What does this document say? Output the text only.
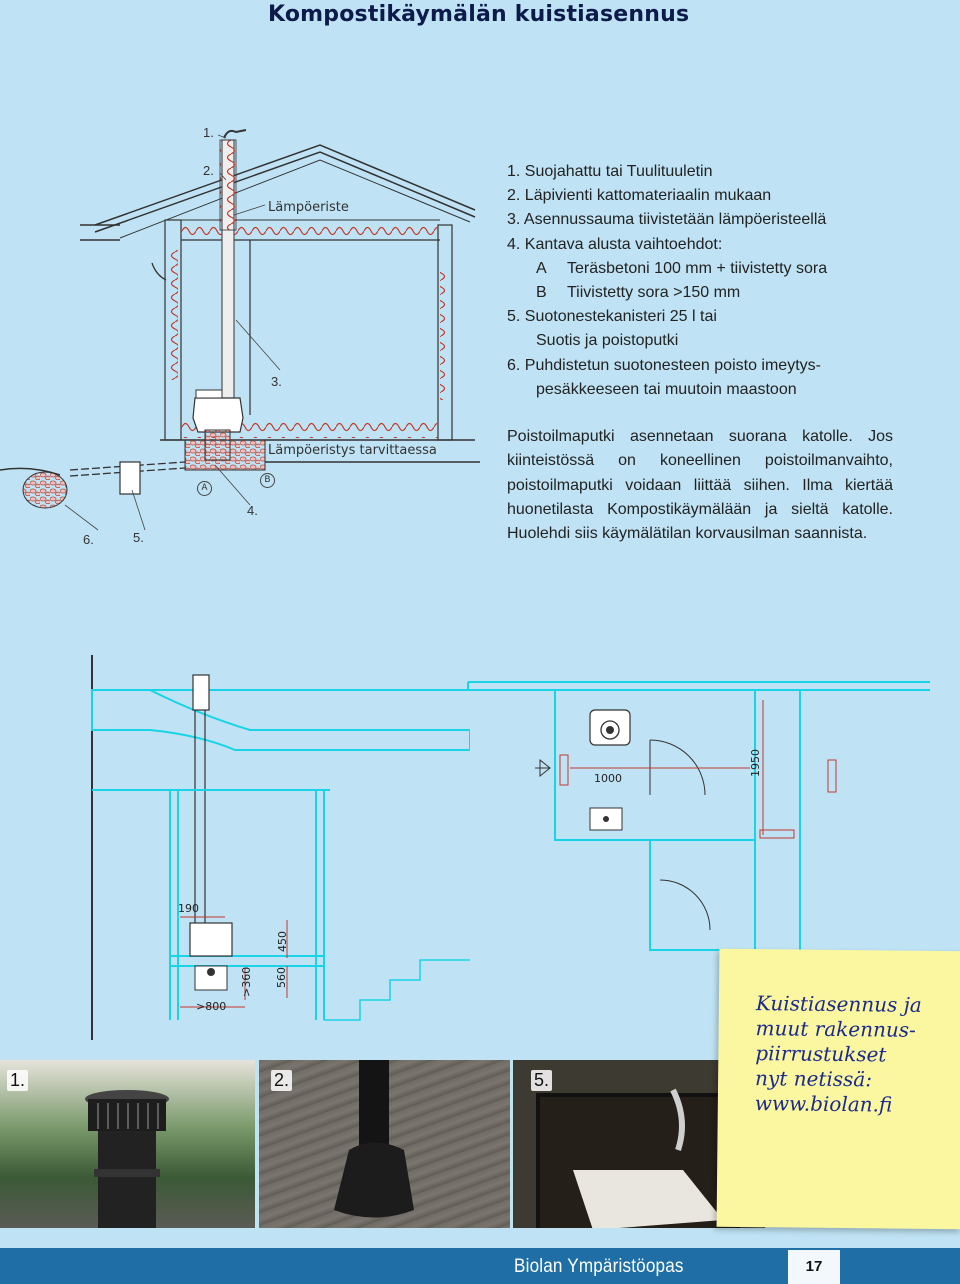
Kompostikäymälän kuistiasennus
1.
2.
3.
4.
5.
6.
Lämpöeriste
Lämpöeristys tarvittaessa
A
B
1. Suojahattu tai Tuulituuletin
2. Läpivienti kattomateriaalin mukaan
3. Asennussauma tiivistetään lämpöeristeellä
4. Kantava alusta vaihtoehdot:
A Teräsbetoni 100 mm + tiivistetty sora
B Tiivistetty sora >150 mm
5. Suotonestekanisteri 25 l tai
Suotis ja poistoputki
6. Puhdistetun suotonesteen poisto imeytys-
pesäkkeeseen tai muutoin maastoon
Poistoilmaputki asennetaan suorana katolle. Jos kiinteistössä on koneellinen poistoilmanvaihto, poistoilmaputki voidaan liittää siihen. Ilma kiertää huonetilasta Kompostikäymälään ja sieltä katolle. Huolehdi siis käymälätilan korvausilman saannista.
190
450
>360 560
>800
1000
1950
1.	2.	5.
Kuistiasennus ja
muut rakennus-
piirrustukset
nyt netissä:
www.biolan.fi
Biolan Ympäristöopas	17
